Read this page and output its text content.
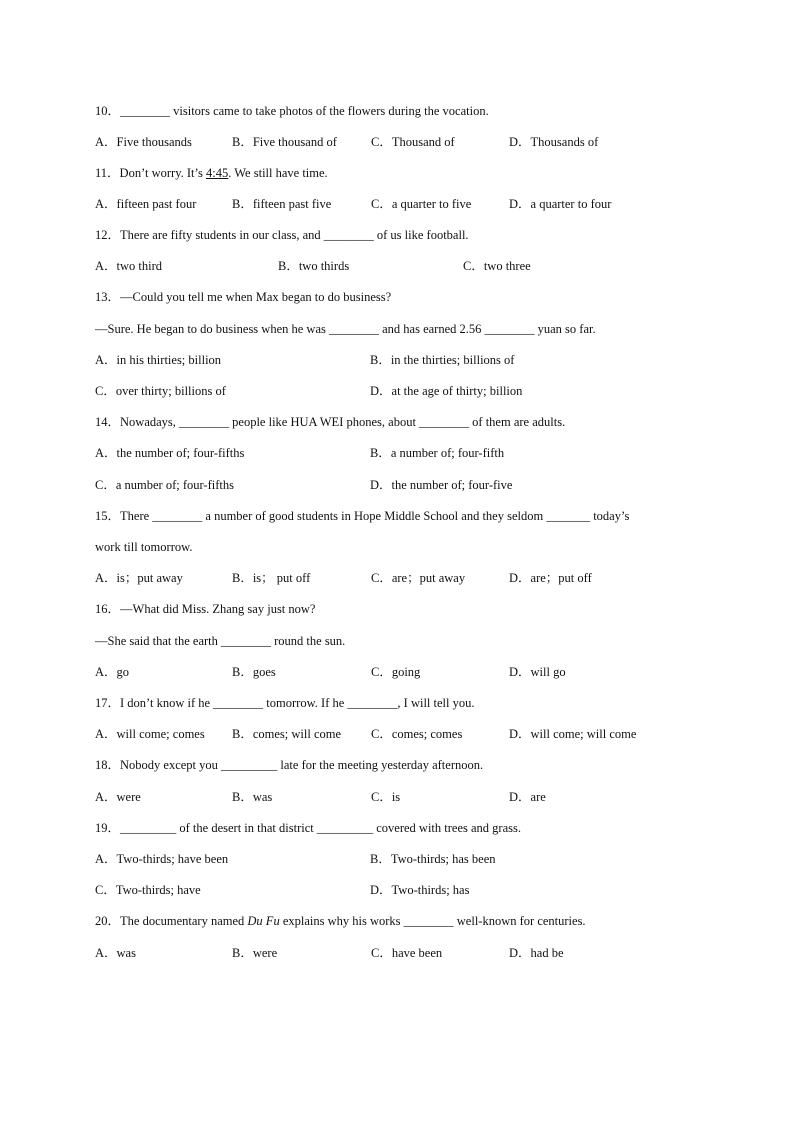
10．________ visitors came to take photos of the flowers during the vocation.
A．Five thousands	B．Five thousand of	C．Thousand of	D．Thousands of
11．Don’t worry. It’s 4:45. We still have time.
A．fifteen past four	B．fifteen past five	C．a quarter to five	D．a quarter to four
12．There are fifty students in our class, and ________ of us like football.
A．two third	B．two thirds	C．two three
13．—Could you tell me when Max began to do business?
—Sure. He began to do business when he was ________ and has earned 2.56 ________ yuan so far.
A．in his thirties; billion	B．in the thirties; billions of
C．over thirty; billions of	D．at the age of thirty; billion
14．Nowadays, ________ people like HUA WEI phones, about ________ of them are adults.
A．the number of; four-fifths	B．a number of; four-fifth
C．a number of; four-fifths	D．the number of; four-five
15．There ________ a number of good students in Hope Middle School and they seldom _______ today’s
work till tomorrow.
A．is；put away	B．is； put off	C．are；put away	D．are；put off
16．—What did Miss. Zhang say just now?
—She said that the earth ________ round the sun.
A．go	B．goes	C．going	D．will go
17．I don’t know if he ________ tomorrow. If he ________, I will tell you.
A．will come; comes B．comes; will come C．comes; comes	D．will come; will come
18．Nobody except you _________ late for the meeting yesterday afternoon.
A．were	B．was	C．is	D．are
19．_________ of the desert in that district _________ covered with trees and grass.
A．Two-thirds; have been	B．Two-thirds; has been
C．Two-thirds; have	D．Two-thirds; has
20．The documentary named Du Fu explains why his works ________ well-known for centuries.
A．was	B．were	C．have been	D．had be
